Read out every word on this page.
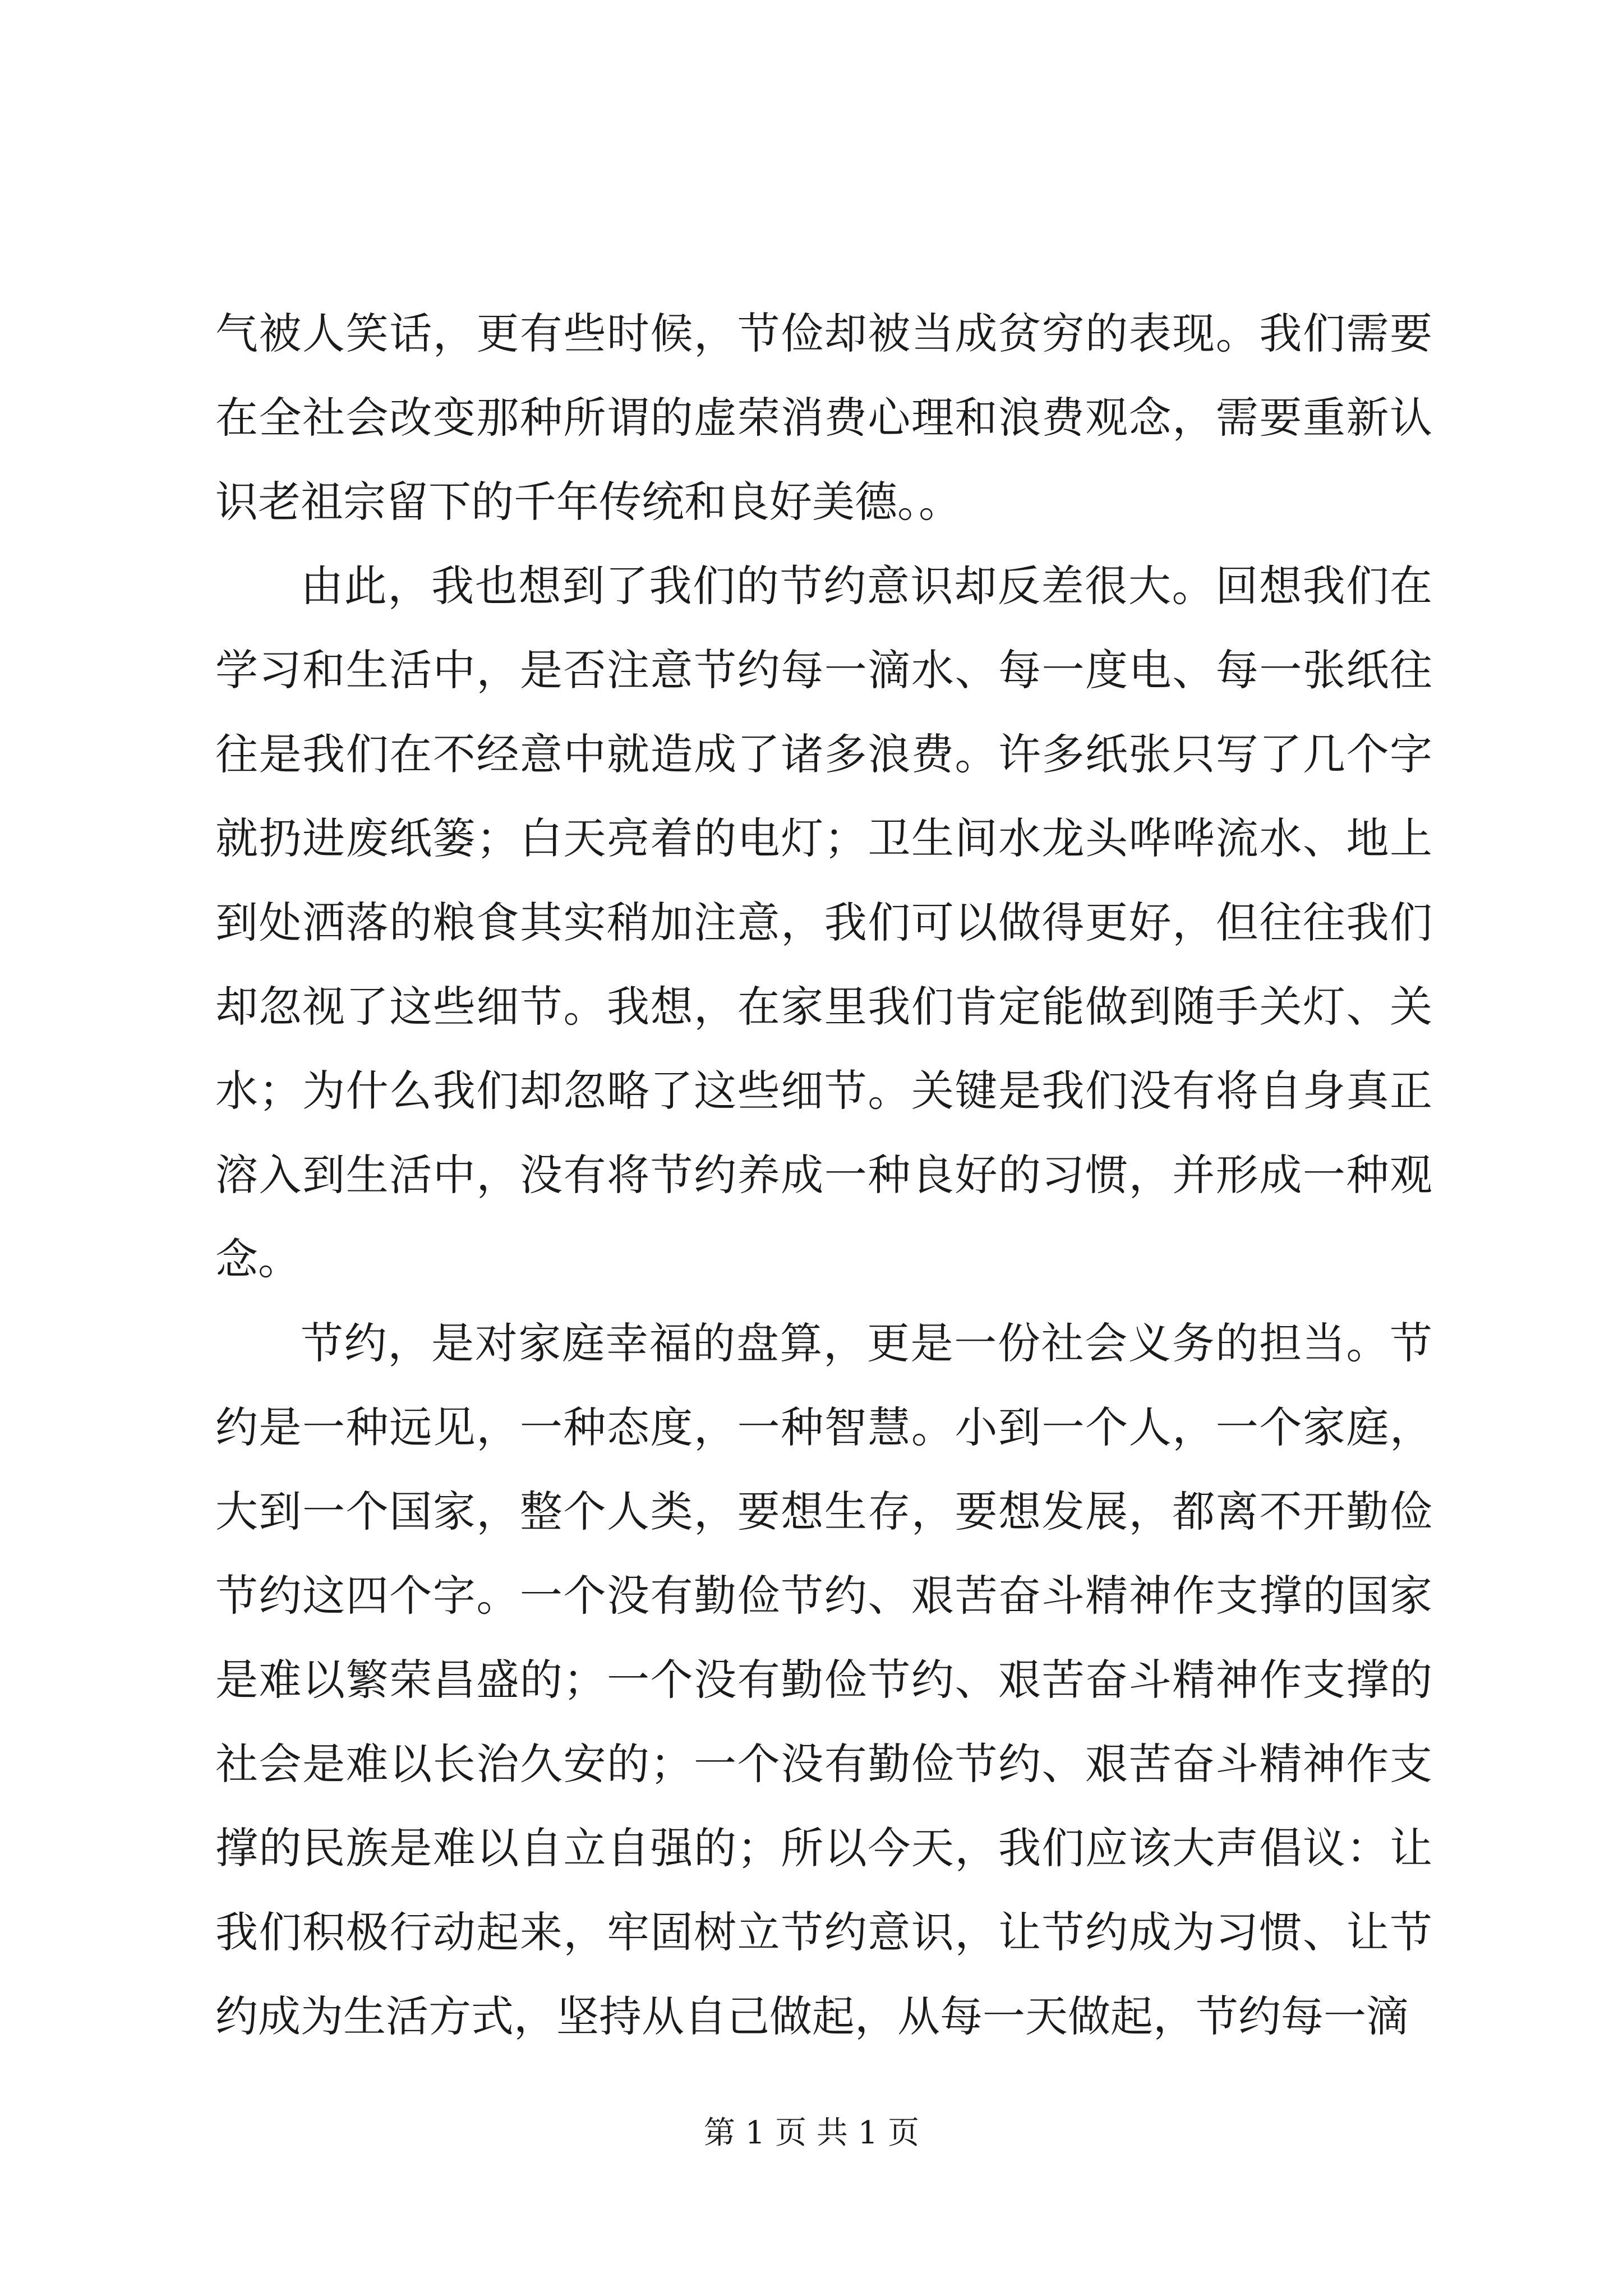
气被人笑话，更有些时候，节俭却被当成贫穷的表现。我们需要在全社会改变那种所谓的虚荣消费心理和浪费观念，需要重新认识老祖宗留下的千年传统和良好美德。。

由此，我也想到了我们的节约意识却反差很大。回想我们在学习和生活中，是否注意节约每一滴水、每一度电、每一张纸往往是我们在不经意中就造成了诸多浪费。许多纸张只写了几个字就扔进废纸篓；白天亮着的电灯；卫生间水龙头哗哗流水、地上到处洒落的粮食其实稍加注意，我们可以做得更好，但往往我们却忽视了这些细节。我想，在家里我们肯定能做到随手关灯、关水；为什么我们却忽略了这些细节。关键是我们没有将自身真正溶入到生活中，没有将节约养成一种良好的习惯，并形成一种观念。

节约，是对家庭幸福的盘算，更是一份社会义务的担当。节约是一种远见，一种态度，一种智慧。小到一个人，一个家庭，大到一个国家，整个人类，要想生存，要想发展，都离不开勤俭节约这四个字。一个没有勤俭节约、艰苦奋斗精神作支撑的国家是难以繁荣昌盛的；一个没有勤俭节约、艰苦奋斗精神作支撑的社会是难以长治久安的；一个没有勤俭节约、艰苦奋斗精神作支撑的民族是难以自立自强的；所以今天，我们应该大声倡议：让我们积极行动起来，牢固树立节约意识，让节约成为习惯、让节约成为生活方式，坚持从自己做起，从每一天做起，节约每一滴

第 1 页 共 1 页
